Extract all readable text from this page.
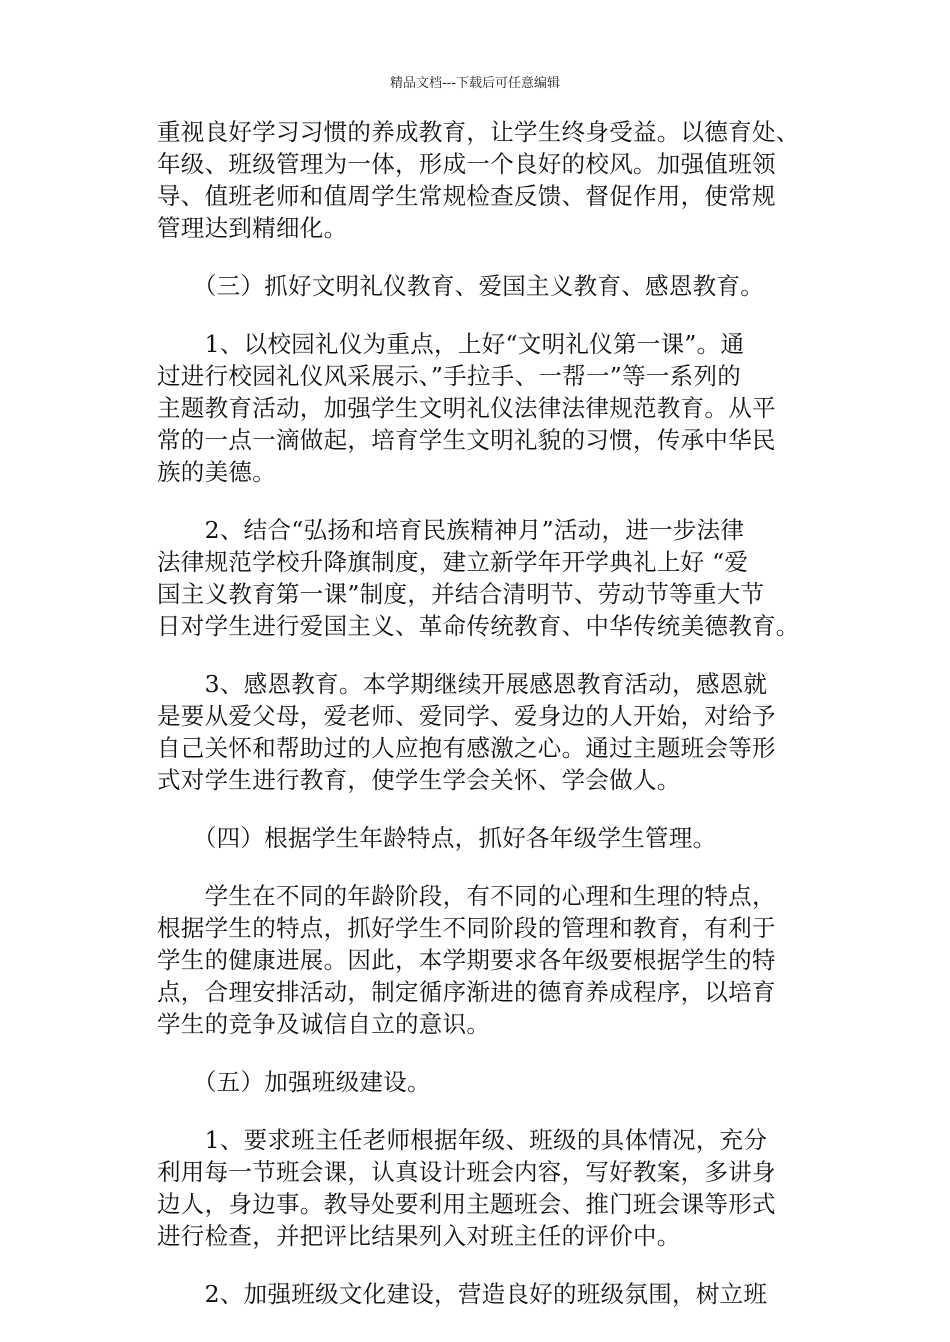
精品文档---下载后可任意编辑

重视良好学习习惯的养成教育，让学生终身受益。以德育处、
年级、班级管理为一体，形成一个良好的校风。加强值班领
导、值班老师和值周学生常规检查反馈、督促作用，使常规
管理达到精细化。

　　（三）抓好文明礼仪教育、爱国主义教育、感恩教育。

　　1、以校园礼仪为重点，上好“文明礼仪第一课”。通
过进行校园礼仪风采展示、”手拉手、一帮一”等一系列的
主题教育活动，加强学生文明礼仪法律法律规范教育。从平
常的一点一滴做起，培育学生文明礼貌的习惯，传承中华民
族的美德。

　　2、结合“弘扬和培育民族精神月”活动，进一步法律
法律规范学校升降旗制度，建立新学年开学典礼上好 “爱
国主义教育第一课”制度，并结合清明节、劳动节等重大节
日对学生进行爱国主义、革命传统教育、中华传统美德教育。

　　3、感恩教育。本学期继续开展感恩教育活动，感恩就
是要从爱父母，爱老师、爱同学、爱身边的人开始，对给予
自己关怀和帮助过的人应抱有感激之心。通过主题班会等形
式对学生进行教育，使学生学会关怀、学会做人。

　　（四）根据学生年龄特点，抓好各年级学生管理。

　　学生在不同的年龄阶段，有不同的心理和生理的特点，
根据学生的特点，抓好学生不同阶段的管理和教育，有利于
学生的健康进展。因此，本学期要求各年级要根据学生的特
点，合理安排活动，制定循序渐进的德育养成程序，以培育
学生的竞争及诚信自立的意识。

　　（五）加强班级建设。

　　1、要求班主任老师根据年级、班级的具体情况，充分
利用每一节班会课，认真设计班会内容，写好教案，多讲身
边人，身边事。教导处要利用主题班会、推门班会课等形式
进行检查，并把评比结果列入对班主任的评价中。

　　2、加强班级文化建设，营造良好的班级氛围，树立班
